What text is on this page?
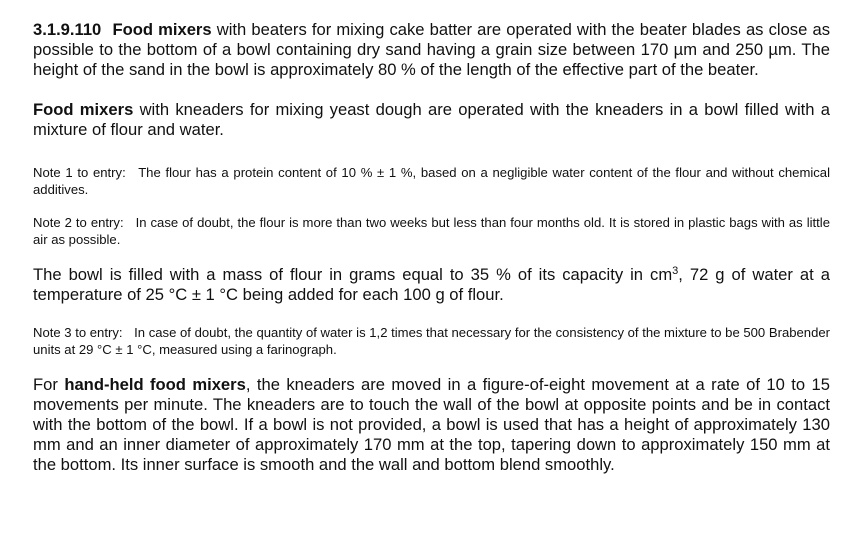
3.1.9.110 Food mixers with beaters for mixing cake batter are operated with the beater blades as close as possible to the bottom of a bowl containing dry sand having a grain size between 170 µm and 250 µm. The height of the sand in the bowl is approximately 80 % of the length of the effective part of the beater.

Food mixers with kneaders for mixing yeast dough are operated with the kneaders in a bowl filled with a mixture of flour and water.

Note 1 to entry: The flour has a protein content of 10 % ± 1 %, based on a negligible water content of the flour and without chemical additives.

Note 2 to entry: In case of doubt, the flour is more than two weeks but less than four months old. It is stored in plastic bags with as little air as possible.

The bowl is filled with a mass of flour in grams equal to 35 % of its capacity in $cm^3$, 72 g of water at a temperature of 25 °C ± 1 °C being added for each 100 g of flour.

Note 3 to entry: In case of doubt, the quantity of water is 1,2 times that necessary for the consistency of the mixture to be 500 Brabender units at 29 °C ± 1 °C, measured using a farinograph.

For hand-held food mixers, the kneaders are moved in a figure-of-eight movement at a rate of 10 to 15 movements per minute. The kneaders are to touch the wall of the bowl at opposite points and be in contact with the bottom of the bowl. If a bowl is not provided, a bowl is used that has a height of approximately 130 mm and an inner diameter of approximately 170 mm at the top, tapering down to approximately 150 mm at the bottom. Its inner surface is smooth and the wall and bottom blend smoothly.
